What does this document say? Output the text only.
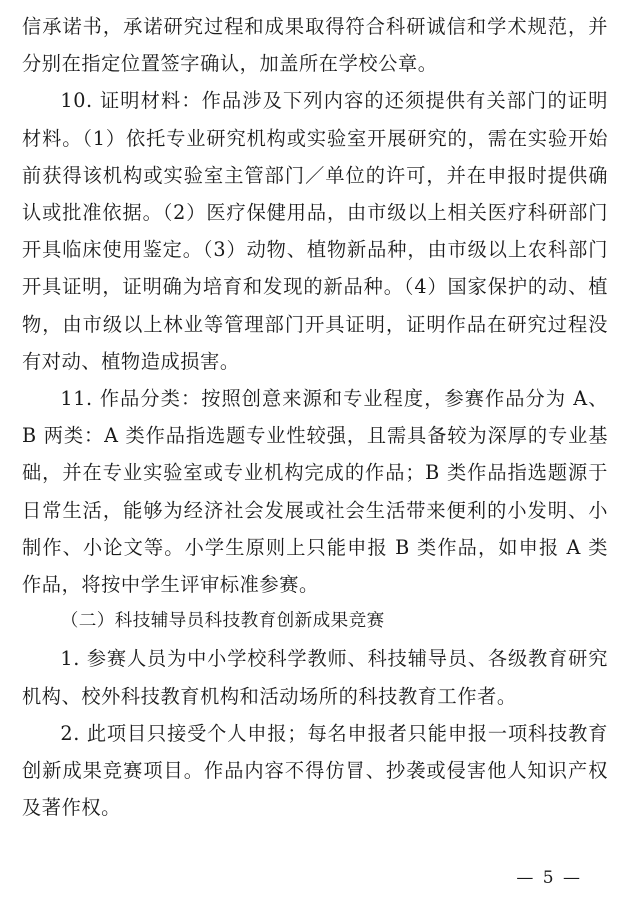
信承诺书，承诺研究过程和成果取得符合科研诚信和学术规范，并分别在指定位置签字确认，加盖所在学校公章。

10. 证明材料：作品涉及下列内容的还须提供有关部门的证明材料。（1）依托专业研究机构或实验室开展研究的，需在实验开始前获得该机构或实验室主管部门／单位的许可，并在申报时提供确认或批准依据。（2）医疗保健用品，由市级以上相关医疗科研部门开具临床使用鉴定。（3）动物、植物新品种，由市级以上农科部门开具证明，证明确为培育和发现的新品种。（4）国家保护的动、植物，由市级以上林业等管理部门开具证明，证明作品在研究过程没有对动、植物造成损害。

11. 作品分类：按照创意来源和专业程度，参赛作品分为 A、B 两类：A 类作品指选题专业性较强，且需具备较为深厚的专业基础，并在专业实验室或专业机构完成的作品；B 类作品指选题源于日常生活，能够为经济社会发展或社会生活带来便利的小发明、小制作、小论文等。小学生原则上只能申报 B 类作品，如申报 A 类作品，将按中学生评审标准参赛。

（二）科技辅导员科技教育创新成果竞赛

1. 参赛人员为中小学校科学教师、科技辅导员、各级教育研究机构、校外科技教育机构和活动场所的科技教育工作者。

2. 此项目只接受个人申报；每名申报者只能申报一项科技教育创新成果竞赛项目。作品内容不得仿冒、抄袭或侵害他人知识产权及著作权。

— 5 —
